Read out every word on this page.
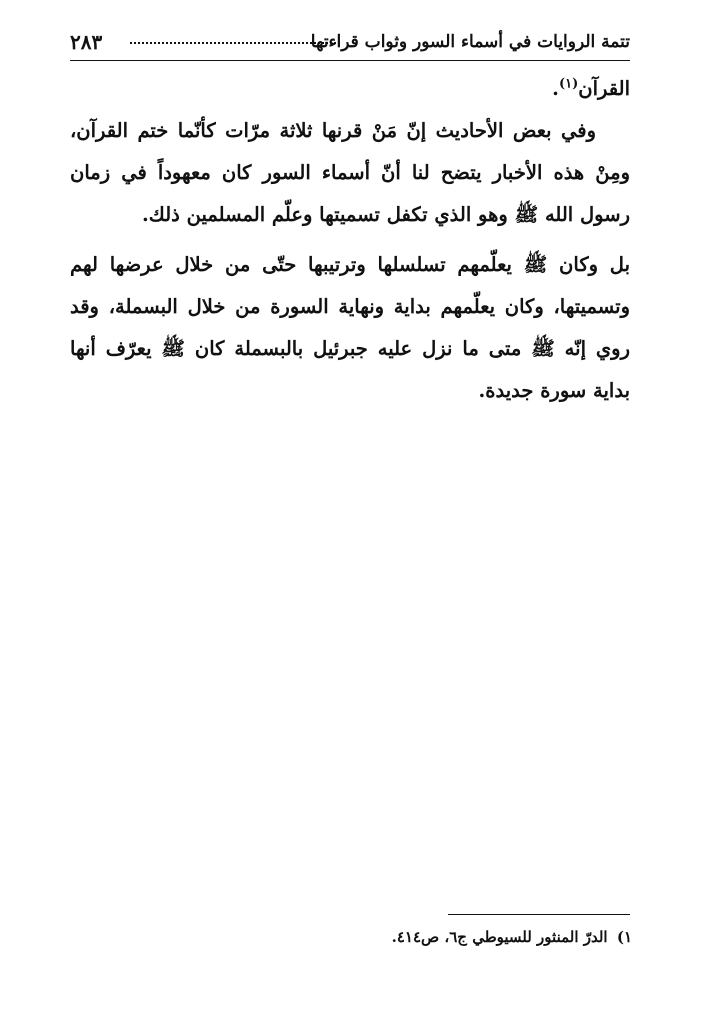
تتمة الروايات في أسماء السور وثواب قراءتها
٢٨٣

القرآن$^{(١)}$.

وفي بعض الأحاديث إنّ مَنْ قرنها ثلاثة مرّات كأنّما ختم القرآن، ومِنْ هذه الأخبار يتضح لنا أنّ أسماء السور كان معهوداً في زمان رسول الله ﷺ وهو الذي تكفل تسميتها وعلّم المسلمين ذلك.

بل وكان ﷺ يعلّمهم تسلسلها وترتيبها حتّى من خلال عرضها لهم وتسميتها، وكان يعلّمهم بداية ونهاية السورة من خلال البسملة، وقد روي إنّه ﷺ متى ما نزل عليه جبرئيل بالبسملة كان ﷺ يعرّف أنها بداية سورة جديدة.

١) الدرّ المنثور للسيوطي ج٦، ص٤١٤.
